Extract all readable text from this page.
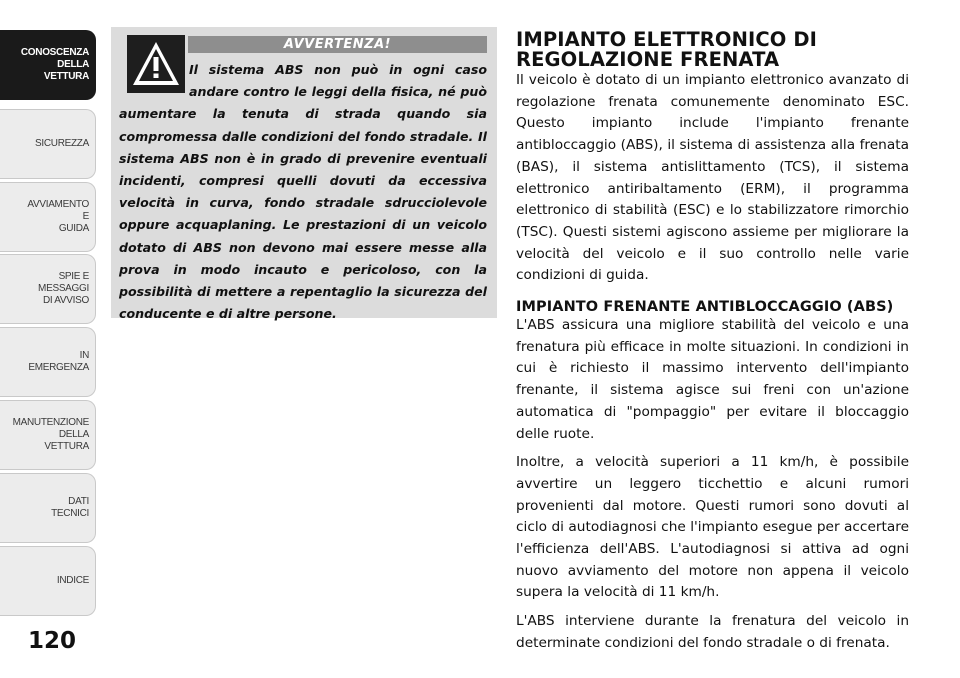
CONOSCENZA
DELLA
VETTURA
SICUREZZA
AVVIAMENTO
E
GUIDA
SPIE E
MESSAGGI
DI AVVISO
IN
EMERGENZA
MANUTENZIONE
DELLA
VETTURA
DATI
TECNICI
INDICE
120
AVVERTENZA!
Il sistema ABS non può in ogni caso andare contro le leggi della fisica, né può aumentare la tenuta di strada quando sia compromessa dalle condizioni del fondo stradale. Il sistema ABS non è in grado di prevenire eventuali incidenti, compresi quelli dovuti da eccessiva velocità in curva, fondo stradale sdrucciolevole oppure acquaplaning. Le prestazioni di un veicolo dotato di ABS non devono mai essere messe alla prova in modo incauto e pericoloso, con la possibilità di mettere a repentaglio la sicurezza del conducente e di altre persone.
IMPIANTO ELETTRONICO DI REGOLAZIONE FRENATA

Il veicolo è dotato di un impianto elettronico avanzato di regolazione frenata comunemente denominato ESC. Questo impianto include l'impianto frenante antibloccaggio (ABS), il sistema di assistenza alla frenata (BAS), il sistema antislittamento (TCS), il sistema elettronico antiribaltamento (ERM), il programma elettronico di stabilità (ESC) e lo stabilizzatore rimorchio (TSC). Questi sistemi agiscono assieme per migliorare la velocità del veicolo e il suo controllo nelle varie condizioni di guida.

IMPIANTO FRENANTE ANTIBLOCCAGGIO (ABS)

L'ABS assicura una migliore stabilità del veicolo e una frenatura più efficace in molte situazioni. In condizioni in cui è richiesto il massimo intervento dell'impianto frenante, il sistema agisce sui freni con un'azione automatica di "pompaggio" per evitare il bloccaggio delle ruote.

Inoltre, a velocità superiori a 11 km/h, è possibile avvertire un leggero ticchettio e alcuni rumori provenienti dal motore. Questi rumori sono dovuti al ciclo di autodiagnosi che l'impianto esegue per accertare l'efficienza dell'ABS. L'autodiagnosi si attiva ad ogni nuovo avviamento del motore non appena il veicolo supera la velocità di 11 km/h.

L'ABS interviene durante la frenatura del veicolo in determinate condizioni del fondo stradale o di frenata.
